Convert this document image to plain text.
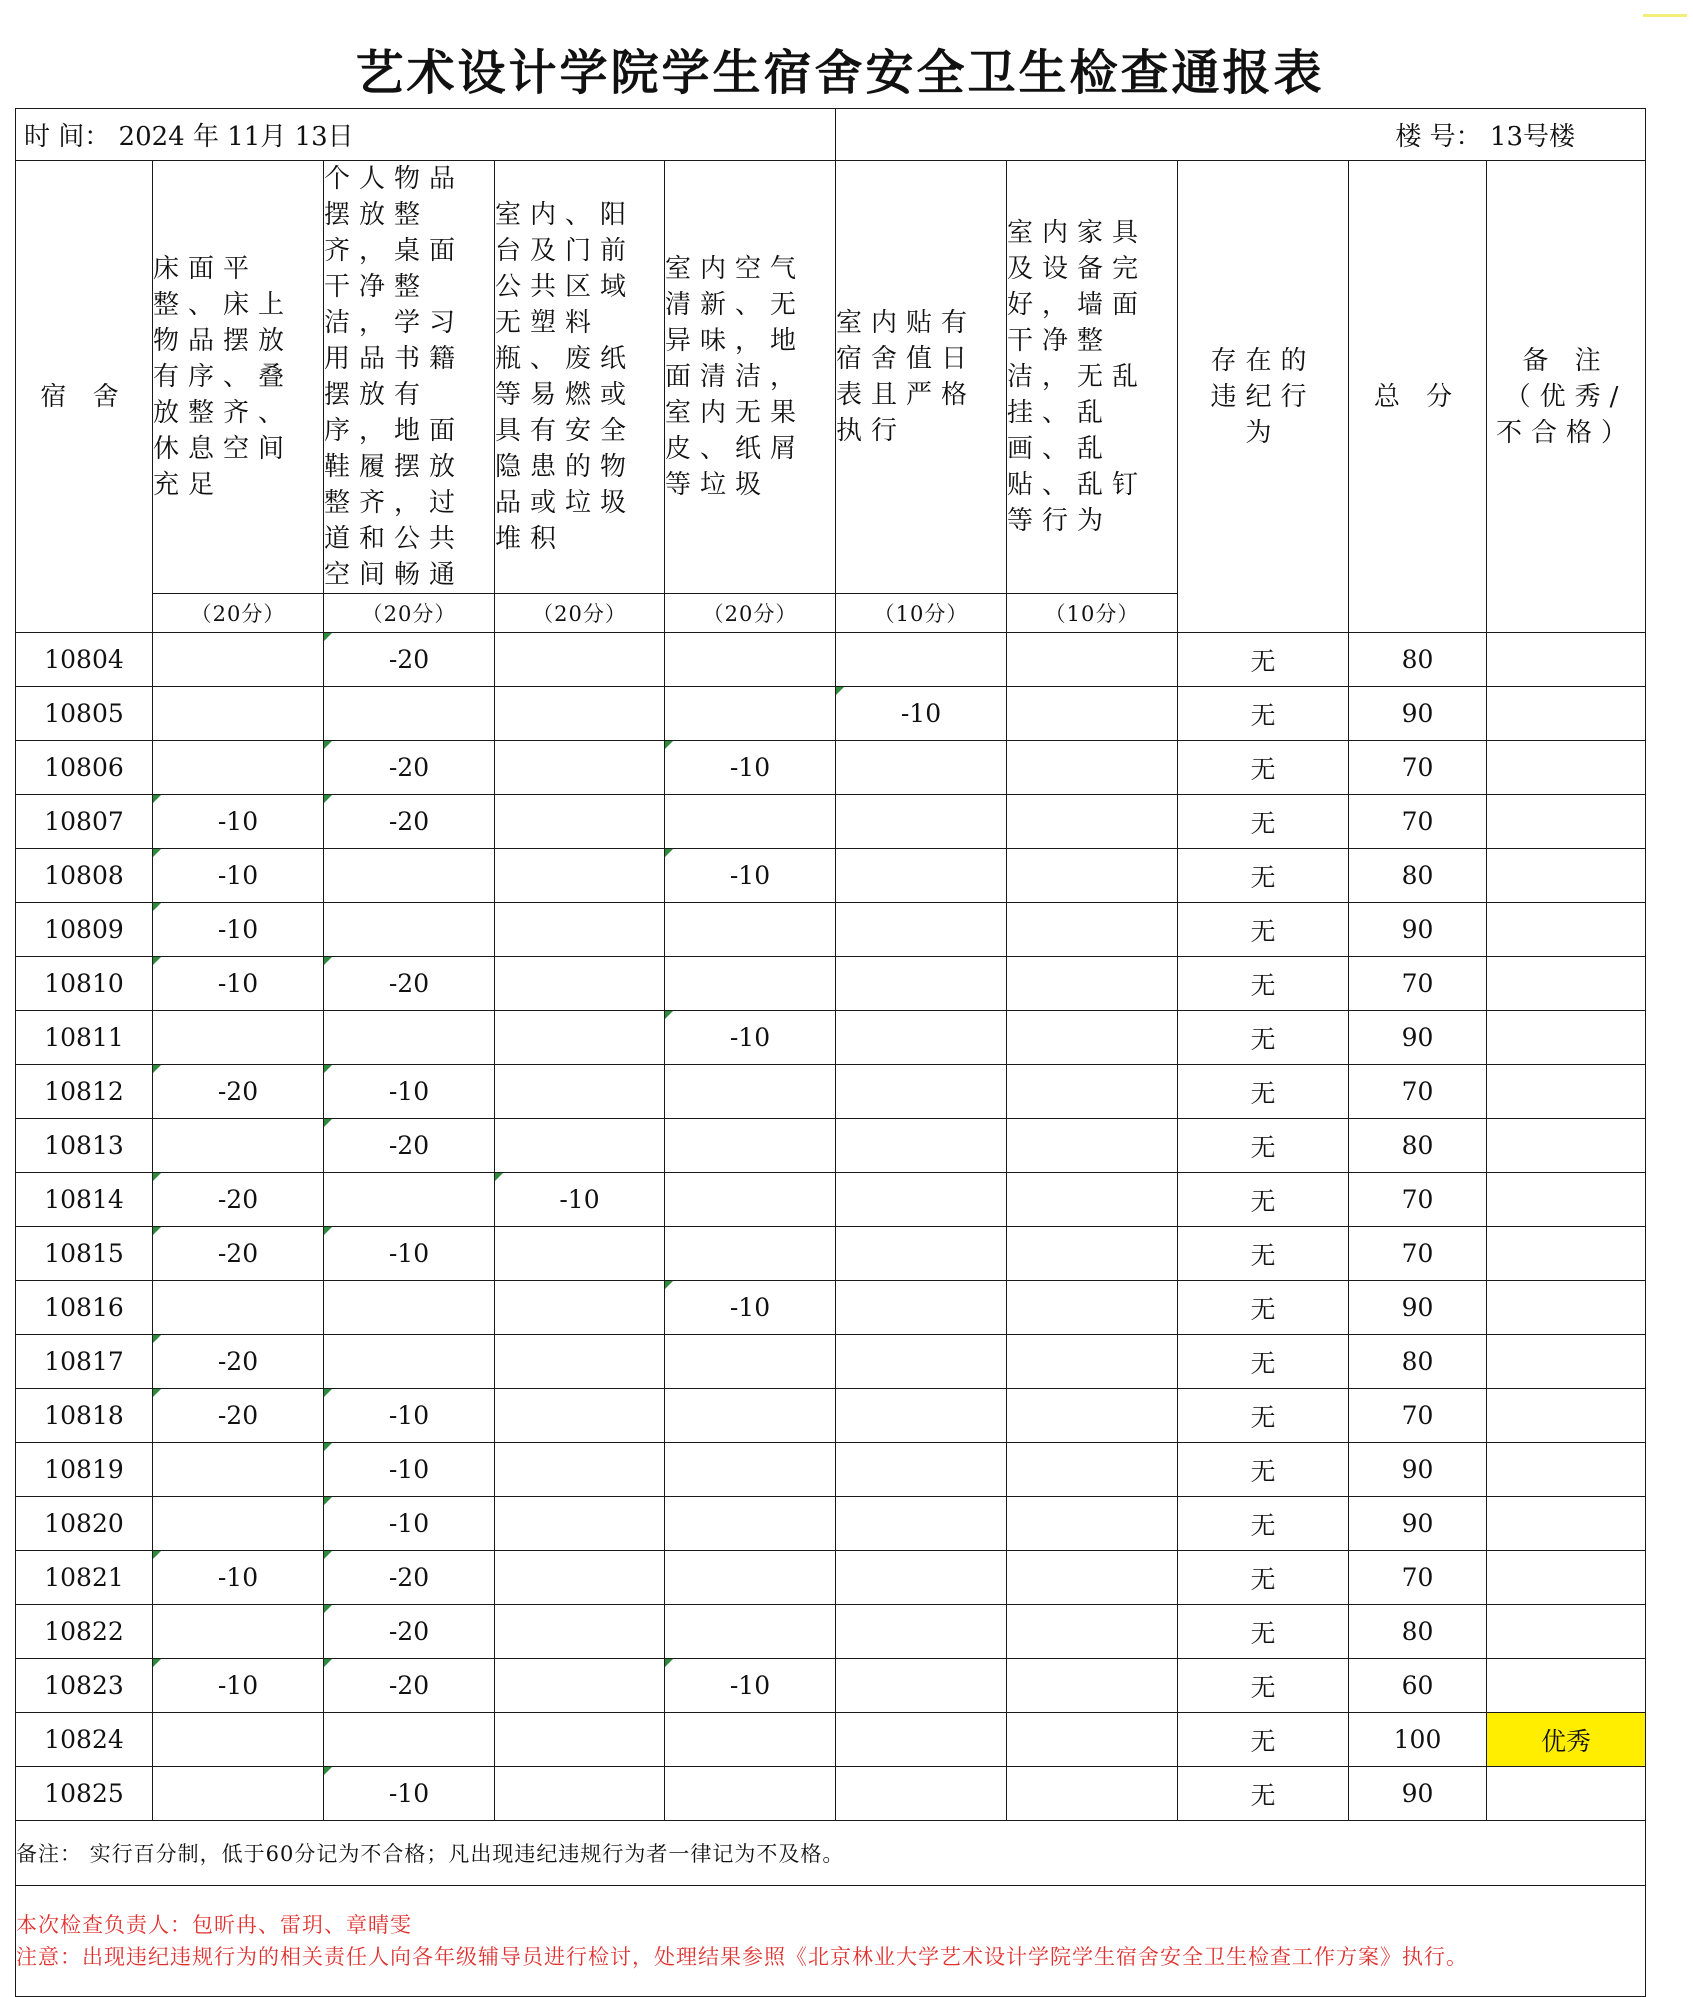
艺术设计学院学生宿舍安全卫生检查通报表
时 间： 2024 年 11月 13日					楼 号： 13号楼				
宿 舍	床面平整、床上物品摆放有序、叠放整齐、休息空间充足	个人物品摆放整齐，桌面干净整洁，学习用品书籍摆放有序，地面鞋履摆放整齐，过道和公共空间畅通	室内、阳台及门前公共区域无塑料瓶、废纸等易燃或具有安全隐患的物品或垃圾堆积	室内空气清新、无异味，地面清洁，室内无果皮、纸屑等垃圾	室内贴有宿舍值日表且严格执行	室内家具及设备完好，墙面干净整洁，无乱挂、乱画、乱贴、乱钉等行为	存在的违纪行为	总 分	备 注 （优秀/不合格）
	（20分）	（20分）	（20分）	（20分）	（10分）	（10分）			
10804		-20					无	80	
10805					-10		无	90	
10806		-20		-10			无	70	
10807	-10	-20					无	70	
10808	-10			-10			无	80	
10809	-10						无	90	
10810	-10	-20					无	70	
10811				-10			无	90	
10812	-20	-10					无	70	
10813		-20					无	80	
10814	-20		-10				无	70	
10815	-20	-10					无	70	
10816				-10			无	90	
10817	-20						无	80	
10818	-20	-10					无	70	
10819		-10					无	90	
10820		-10					无	90	
10821	-10	-20					无	70	
10822		-20					无	80	
10823	-10	-20		-10			无	60	
10824							无	100	优秀
10825		-10					无	90	
备注： 实行百分制，低于60分记为不合格；凡出现违纪违规行为者一律记为不及格。									

本次检查负责人：包昕冉、雷玥、章晴雯
注意：出现违纪违规行为的相关责任人向各年级辅导员进行检讨，处理结果参照《北京林业大学艺术设计学院学生宿舍安全卫生检查工作方案》执行。									
